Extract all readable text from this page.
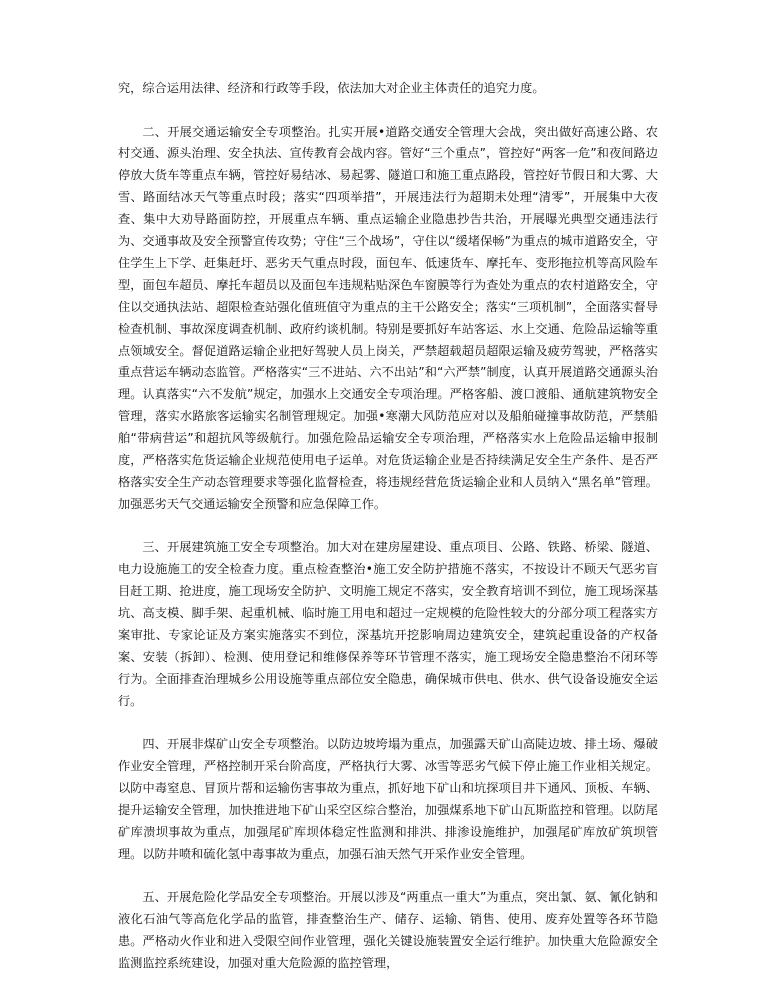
究，综合运用法律、经济和行政等手段，依法加大对企业主体责任的追究力度。

二、开展交通运输安全专项整治。扎实开展•道路交通安全管理大会战，突出做好高速公路、农村交通、源头治理、安全执法、宣传教育会战内容。管好“三个重点”，管控好“两客一危”和夜间路边停放大货车等重点车辆，管控好易结冰、易起雾、隧道口和施工重点路段，管控好节假日和大雾、大雪、路面结冰天气等重点时段；落实“四项举措”，开展违法行为超期未处理“清零”，开展集中大夜查、集中大劝导路面防控，开展重点车辆、重点运输企业隐患抄告共治，开展曝光典型交通违法行为、交通事故及安全预警宣传攻势；守住“三个战场”，守住以“缓堵保畅”为重点的城市道路安全，守住学生上下学、赶集赶圩、恶劣天气重点时段，面包车、低速货车、摩托车、变形拖拉机等高风险车型，面包车超员、摩托车超员以及面包车违规粘贴深色车窗膜等行为查处为重点的农村道路安全，守住以交通执法站、超限检查站强化值班值守为重点的主干公路安全；落实“三项机制”，全面落实督导检查机制、事故深度调查机制、政府约谈机制。特别是要抓好车站客运、水上交通、危险品运输等重点领域安全。督促道路运输企业把好驾驶人员上岗关，严禁超载超员超限运输及疲劳驾驶，严格落实重点营运车辆动态监管。严格落实“三不进站、六不出站”和“六严禁”制度，认真开展道路交通源头治理。认真落实“六不发航”规定，加强水上交通安全专项治理。严格客船、渡口渡船、通航建筑物安全管理，落实水路旅客运输实名制管理规定。加强•寒潮大风防范应对以及船舶碰撞事故防范，严禁船舶“带病营运”和超抗风等级航行。加强危险品运输安全专项治理，严格落实水上危险品运输申报制度，严格落实危货运输企业规范使用电子运单。对危货运输企业是否持续满足安全生产条件、是否严格落实安全生产动态管理要求等强化监督检查，将违规经营危货运输企业和人员纳入“黑名单”管理。加强恶劣天气交通运输安全预警和应急保障工作。

三、开展建筑施工安全专项整治。加大对在建房屋建设、重点项目、公路、铁路、桥梁、隧道、电力设施施工的安全检查力度。重点检查整治•施工安全防护措施不落实，不按设计不顾天气恶劣盲目赶工期、抢进度，施工现场安全防护、文明施工规定不落实，安全教育培训不到位，施工现场深基坑、高支模、脚手架、起重机械、临时施工用电和超过一定规模的危险性较大的分部分项工程落实方案审批、专家论证及方案实施落实不到位，深基坑开挖影响周边建筑安全，建筑起重设备的产权备案、安装（拆卸）、检测、使用登记和维修保养等环节管理不落实，施工现场安全隐患整治不闭环等行为。全面排查治理城乡公用设施等重点部位安全隐患，确保城市供电、供水、供气设备设施安全运行。

四、开展非煤矿山安全专项整治。以防边坡垮塌为重点，加强露天矿山高陡边坡、排土场、爆破作业安全管理，严格控制开采台阶高度，严格执行大雾、冰雪等恶劣气候下停止施工作业相关规定。以防中毒窒息、冒顶片帮和运输伤害事故为重点，抓好地下矿山和坑探项目井下通风、顶板、车辆、提升运输安全管理，加快推进地下矿山采空区综合整治，加强煤系地下矿山瓦斯监控和管理。以防尾矿库溃坝事故为重点，加强尾矿库坝体稳定性监测和排洪、排渗设施维护，加强尾矿库放矿筑坝管理。以防井喷和硫化氢中毒事故为重点，加强石油天然气开采作业安全管理。

五、开展危险化学品安全专项整治。开展以涉及“两重点一重大”为重点，突出氯、氨、氰化钠和液化石油气等高危化学品的监管，排查整治生产、储存、运输、销售、使用、废弃处置等各环节隐患。严格动火作业和进入受限空间作业管理，强化关键设施装置安全运行维护。加快重大危险源安全监测监控系统建设，加强对重大危险源的监控管理，
